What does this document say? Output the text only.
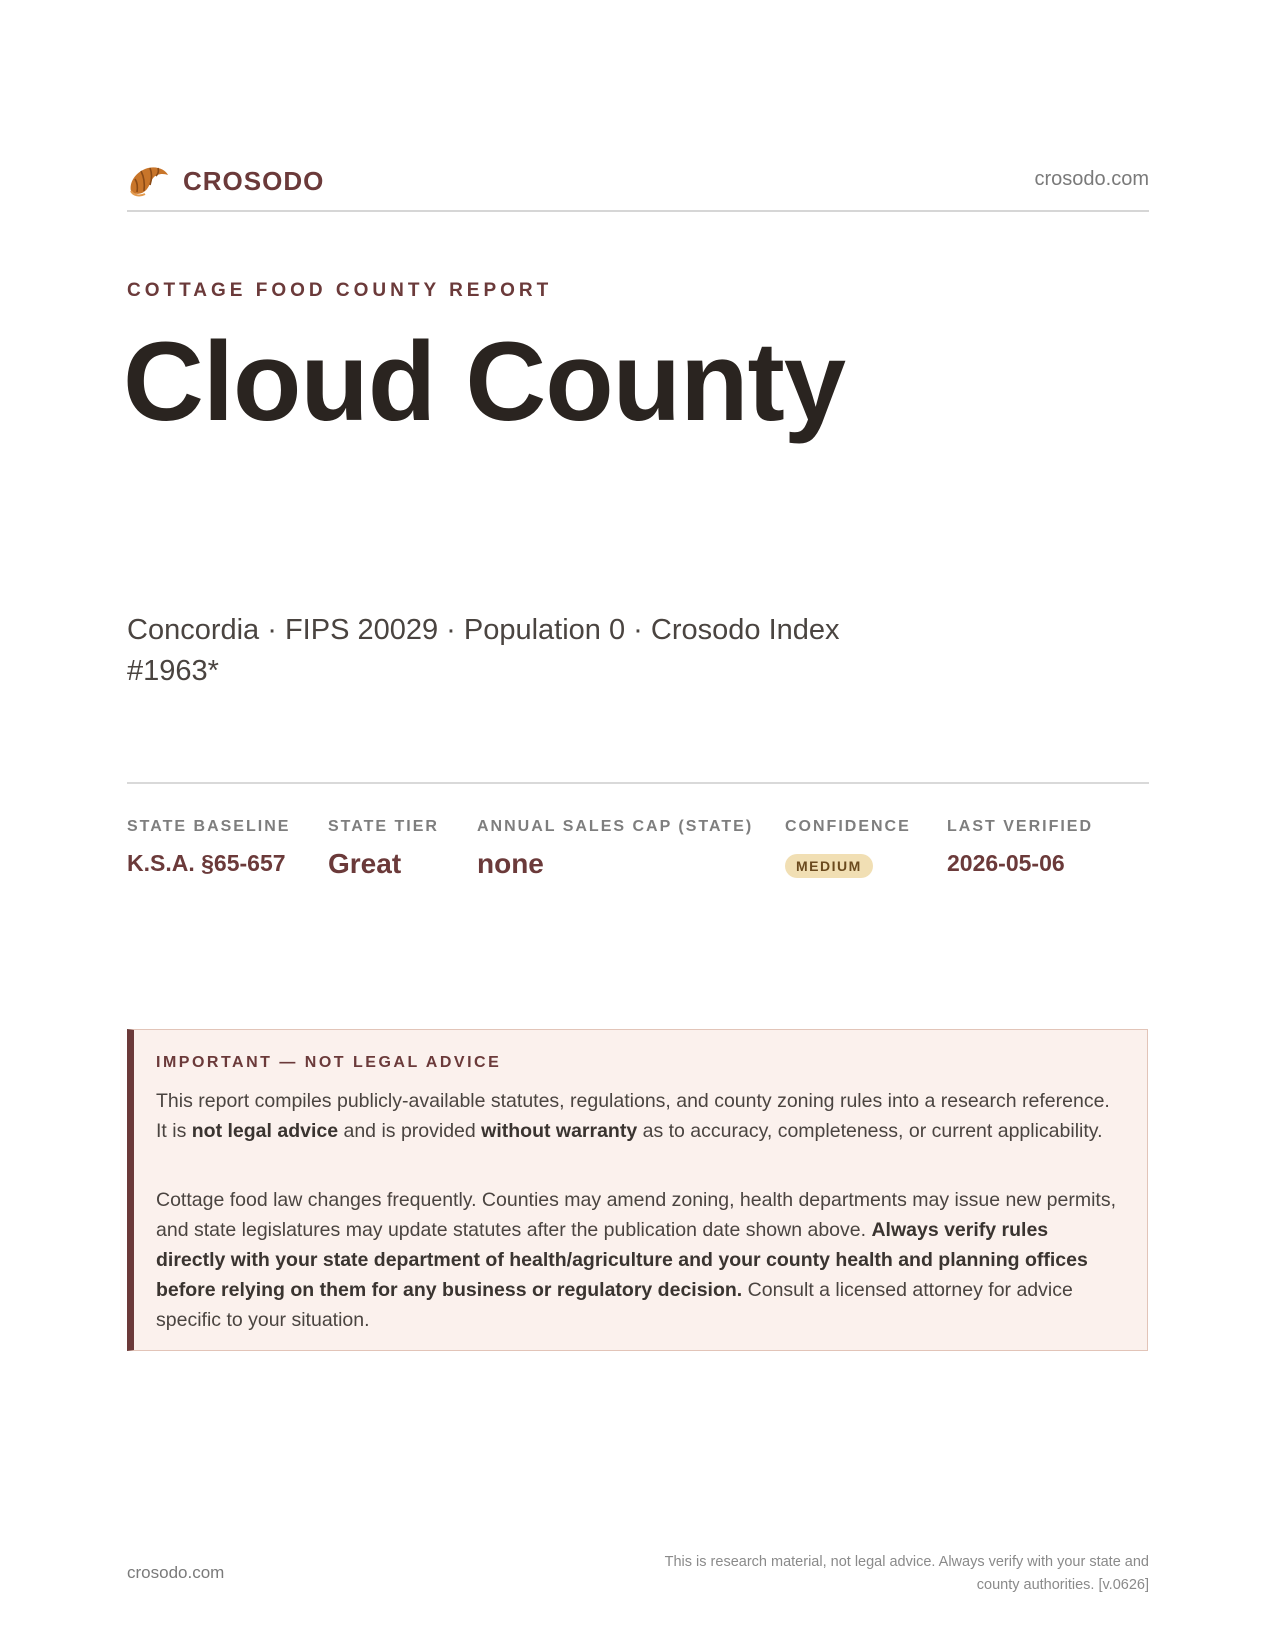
CROSODO	crosodo.com
COTTAGE FOOD COUNTY REPORT
Cloud County
Concordia · FIPS 20029 · Population 0 · Crosodo Index #1963*
STATE BASELINE
K.S.A. §65-657
STATE TIER
Great
ANNUAL SALES CAP (STATE)
none
CONFIDENCE
MEDIUM
LAST VERIFIED
2026-05-06
IMPORTANT — NOT LEGAL ADVICE

This report compiles publicly-available statutes, regulations, and county zoning rules into a research reference. It is not legal advice and is provided without warranty as to accuracy, completeness, or current applicability.

Cottage food law changes frequently. Counties may amend zoning, health departments may issue new permits, and state legislatures may update statutes after the publication date shown above. Always verify rules directly with your state department of health/agriculture and your county health and planning offices before relying on them for any business or regulatory decision. Consult a licensed attorney for advice specific to your situation.

crosodo.com
This is research material, not legal advice. Always verify with your state and county authorities. [v.0626]
